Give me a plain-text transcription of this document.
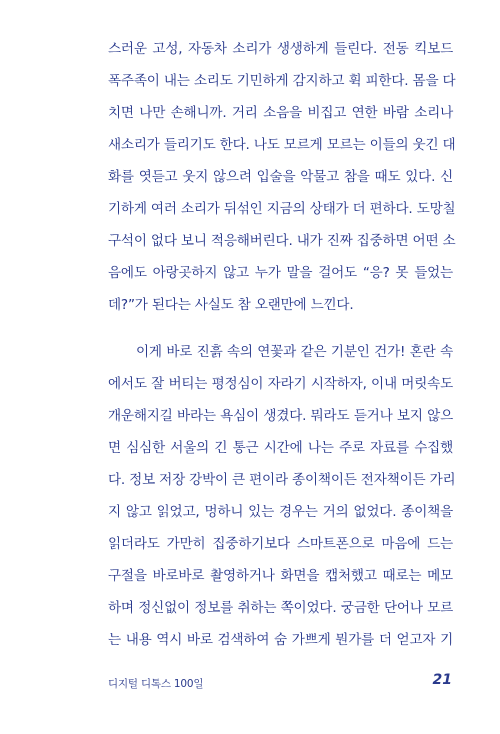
스러운 고성, 자동차 소리가 생생하게 들린다. 전동 킥보드
폭주족이 내는 소리도 기민하게 감지하고 휙 피한다. 몸을 다
치면 나만 손해니까. 거리 소음을 비집고 연한 바람 소리나
새소리가 들리기도 한다. 나도 모르게 모르는 이들의 웃긴 대
화를 엿듣고 웃지 않으려 입술을 악물고 참을 때도 있다. 신
기하게 여러 소리가 뒤섞인 지금의 상태가 더 편하다. 도망칠
구석이 없다 보니 적응해버린다. 내가 진짜 집중하면 어떤 소
음에도 아랑곳하지 않고 누가 말을 걸어도 “응? 못 들었는
데?”가 된다는 사실도 참 오랜만에 느낀다.
이게 바로 진흙 속의 연꽃과 같은 기분인 건가! 혼란 속
에서도 잘 버티는 평정심이 자라기 시작하자, 이내 머릿속도
개운해지길 바라는 욕심이 생겼다. 뭐라도 듣거나 보지 않으
면 심심한 서울의 긴 통근 시간에 나는 주로 자료를 수집했
다. 정보 저장 강박이 큰 편이라 종이책이든 전자책이든 가리
지 않고 읽었고, 멍하니 있는 경우는 거의 없었다. 종이책을
읽더라도 가만히 집중하기보다 스마트폰으로 마음에 드는
구절을 바로바로 촬영하거나 화면을 캡처했고 때로는 메모
하며 정신없이 정보를 취하는 쪽이었다. 궁금한 단어나 모르
는 내용 역시 바로 검색하여 숨 가쁘게 뭔가를 더 얻고자 기
디지털 디톡스 100일	21
